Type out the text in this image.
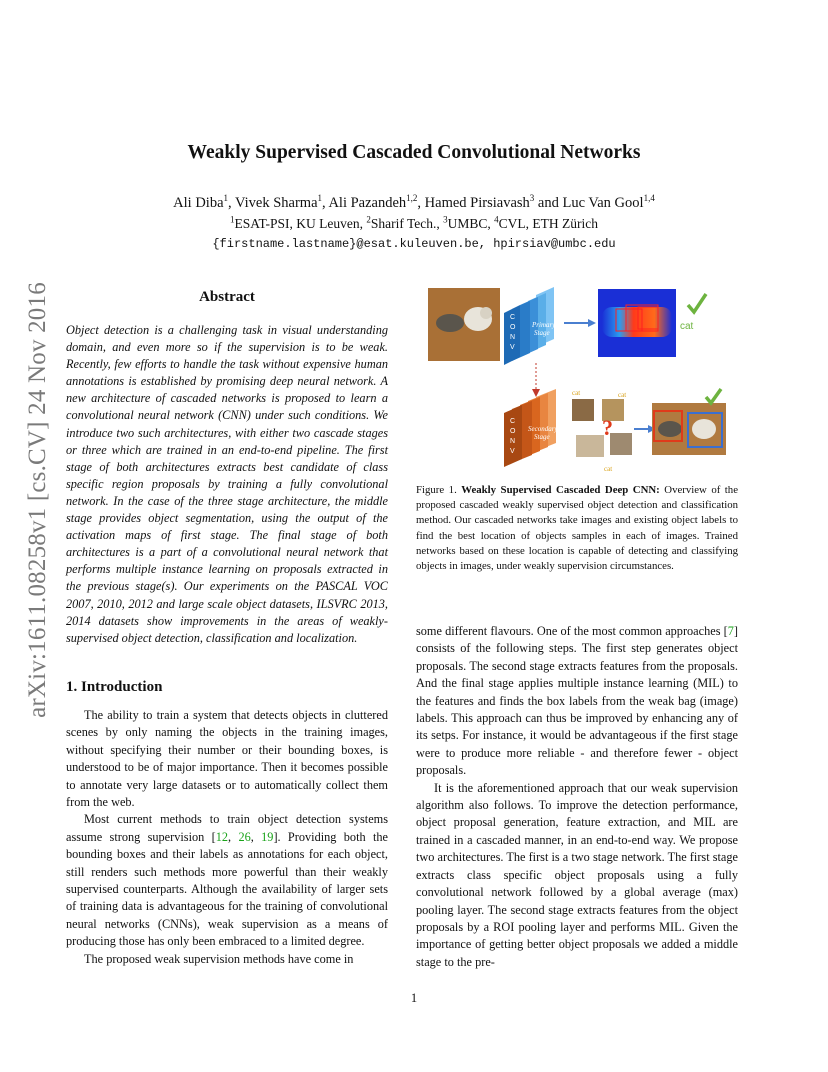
arXiv:1611.08258v1 [cs.CV] 24 Nov 2016
Weakly Supervised Cascaded Convolutional Networks
Ali Diba$^1$, Vivek Sharma$^1$, Ali Pazandeh$^{1,2}$, Hamed Pirsiavash$^3$ and Luc Van Gool$^{1,4}$
$^1$ESAT-PSI, KU Leuven, $^2$Sharif Tech., $^3$UMBC, $^4$CVL, ETH Zürich
{firstname.lastname}@esat.kuleuven.be, hpirsiav@umbc.edu
Abstract
Object detection is a challenging task in visual understanding domain, and even more so if the supervision is to be weak. Recently, few efforts to handle the task without expensive human annotations is established by promising deep neural network. A new architecture of cascaded networks is proposed to learn a convolutional neural network (CNN) under such conditions. We introduce two such architectures, with either two cascade stages or three which are trained in an end-to-end pipeline. The first stage of both architectures extracts best candidate of class specific region proposals by training a fully convolutional network. In the case of the three stage architecture, the middle stage provides object segmentation, using the output of the activation maps of first stage. The final stage of both architectures is a part of a convolutional neural network that performs multiple instance learning on proposals extracted in the previous stage(s). Our experiments on the PASCAL VOC 2007, 2010, 2012 and large scale object datasets, ILSVRC 2013, 2014 datasets show improvements in the areas of weakly-supervised object detection, classification and localization.
1. Introduction

The ability to train a system that detects objects in cluttered scenes by only naming the objects in the training images, without specifying their number or their bounding boxes, is understood to be of major importance. Then it becomes possible to annotate very large datasets or to automatically collect them from the web.

Most current methods to train object detection systems assume strong supervision [12, 26, 19]. Providing both the bounding boxes and their labels as annotations for each object, still renders such methods more powerful than their weakly supervised counterparts. Although the availability of larger sets of training data is advantageous for the training of convolutional neural networks (CNNs), weak supervision as a means of producing those has only been embraced to a limited degree.

The proposed weak supervision methods have come in

C
O
N
V
Primary
Stage
cat
C
O
N
V
Secondary
Stage
cat	cat
?
cat
Figure 1. Weakly Supervised Cascaded Deep CNN: Overview of the proposed cascaded weakly supervised object detection and classification method. Our cascaded networks take images and existing object labels to find the best location of objects samples in each of images. Trained networks based on these location is capable of detecting and classifying objects in images, under weakly supervision circumstances.

some different flavours. One of the most common approaches [7] consists of the following steps. The first step generates object proposals. The second stage extracts features from the proposals. And the final stage applies multiple instance learning (MIL) to the features and finds the box labels from the weak bag (image) labels. This approach can thus be improved by enhancing any of its setps. For instance, it would be advantageous if the first stage were to produce more reliable - and therefore fewer - object proposals.

It is the aforementioned approach that our weak supervision algorithm also follows. To improve the detection performance, object proposal generation, feature extraction, and MIL are trained in a cascaded manner, in an end-to-end way. We propose two architectures. The first is a two stage network. The first stage extracts class specific object proposals using a fully convolutional network followed by a global average (max) pooling layer. The second stage extracts features from the object proposals by a ROI pooling layer and performs MIL. Given the importance of getting better object proposals we added a middle stage to the pre-

1
